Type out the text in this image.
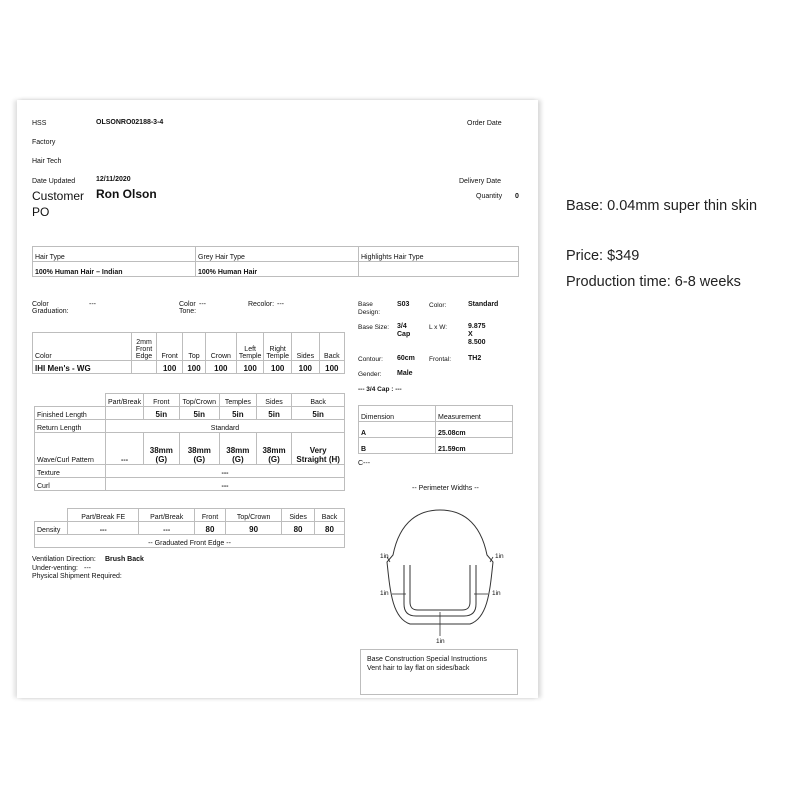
HSS	OLSONRO02188-3-4	Order Date
Factory
Hair Tech
Date Updated	12/11/2020	Delivery Date
Customer Ron Olson	Quantity 0
PO
Hair Type	Grey Hair Type	Highlights Hair Type
100% Human Hair – Indian	100% Human Hair	
Color Graduation:
---	Color Tone:
---	Recolor: ---
Color	2mm Front Edge	Front	Top	Crown	Left Temple	Right Temple	Sides	Back
IHI Men's - WG		100	100	100	100	100	100	100
	Part/Break	Front	Top/Crown	Temples	Sides	Back
Finished Length		5in	5in	5in	5in	5in
Return Length	Standard					
Wave/Curl Pattern	---	38mm (G)	38mm (G)	38mm (G)	38mm (G)	Very Straight (H)
Texture	---					
Curl	---					
	Part/Break FE	Part/Break	Front	Top/Crown	Sides	Back
Density	---	---	80	90	80	80
-- Graduated Front Edge --						
Ventilation Direction: Brush Back
Under-venting: ---
Physical Shipment Required:
Base Design:
S03	Color:	Standard
Base Size: 3/4 Cap
L x W:	9.875
X
8.500
Contour: 60cm Frontal: TH2
Gender: Male
--- 3/4 Cap : ---
Dimension	Measurement
A	25.08cm
B	21.59cm
C---
-- Perimeter Widths --
1in	1in
1in	1in
1in
Base Construction Special Instructions
Vent hair to lay flat on sides/back
Base: 0.04mm super thin skin
Price: $349
Production time: 6-8 weeks
